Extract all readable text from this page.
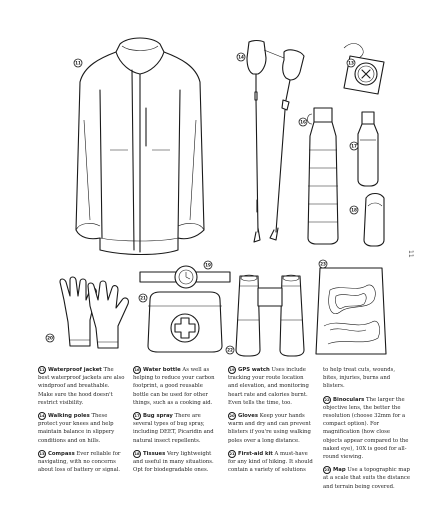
11
14
13
16
17
18
20
19
21
22
23
11

11 Waterproof jacket The best waterproof jackets are also windproof and breathable. Make sure the hood doesn't restrict visibility.

14 Walking poles These protect your knees and help maintain balance in slippery conditions and on hills.

13 Compass Ever reliable for navigating, with no concerns about loss of battery or signal.

16 Water bottle As well as helping to reduce your carbon footprint, a good reusable bottle can be used for other things, such as a cooking aid.

17 Bug spray There are several types of bug spray, including DEET, Picaridin and natural insect repellents.

18 Tissues Very lightweight and useful in many situations. Opt for biodegradable ones.

19 GPS watch Uses include tracking your route location and elevation, and monitoring heart rate and calories burnt. Even tells the time, too.

20 Gloves Keep your hands warm and dry and can prevent blisters if you're using walking poles over a long distance.

21 First-aid kit A must-have for any kind of hiking. It should contain a variety of solutions

to help treat cuts, wounds, bites, injuries, burns and blisters.

22 Binoculars The larger the objective lens, the better the resolution (choose 32mm for a compact option). For magnification (how close objects appear compared to the naked eye), 10X is good for all-round viewing.

23 Map Use a topographic map at a scale that suits the distance and terrain being covered.
